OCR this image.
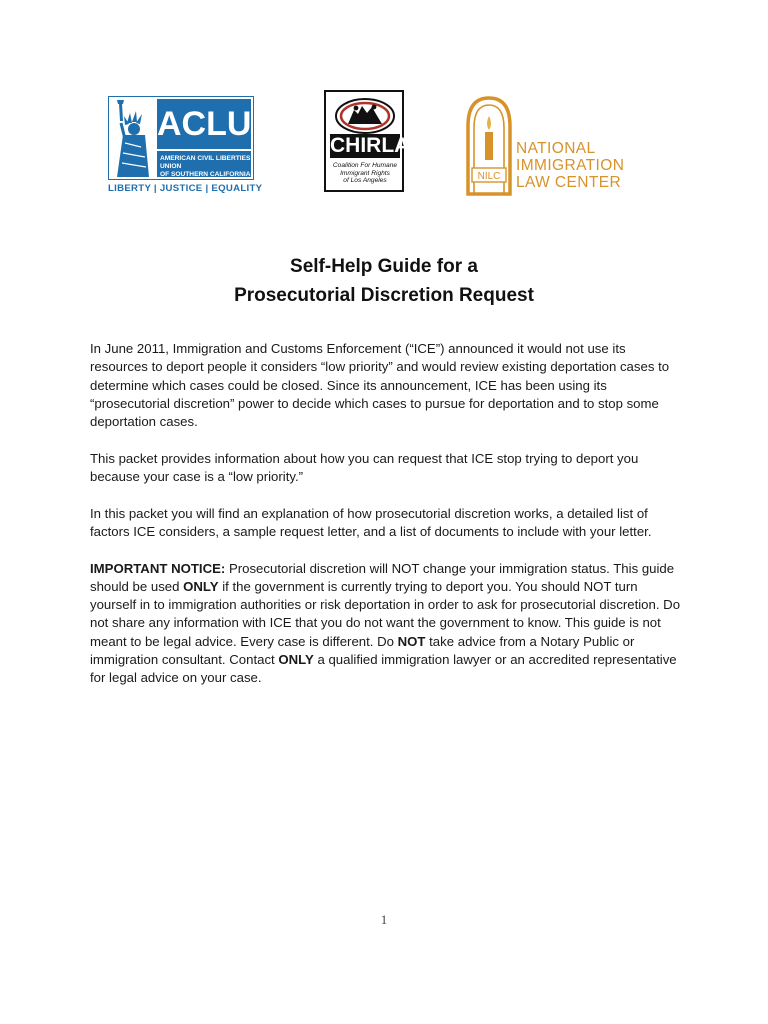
ACLU
AMERICAN CIVIL LIBERTIES UNION
OF SOUTHERN CALIFORNIA
LIBERTY | JUSTICE | EQUALITY
CHIRLA
Coalition For Humane
Immigrant Rights
of Los Angeles	NILC
NATIONAL
IMMIGRATION
LAW CENTER
Self-Help Guide for a
Prosecutorial Discretion Request

In June 2011, Immigration and Customs Enforcement (“ICE”) announced it would not use its resources to deport people it considers “low priority” and would review existing deportation cases to determine which cases could be closed. Since its announcement, ICE has been using its “prosecutorial discretion” power to decide which cases to pursue for deportation and to stop some deportation cases.

This packet provides information about how you can request that ICE stop trying to deport you because your case is a “low priority.”

In this packet you will find an explanation of how prosecutorial discretion works, a detailed list of factors ICE considers, a sample request letter, and a list of documents to include with your letter.

IMPORTANT NOTICE: Prosecutorial discretion will NOT change your immigration status. This guide should be used ONLY if the government is currently trying to deport you. You should NOT turn yourself in to immigration authorities or risk deportation in order to ask for prosecutorial discretion. Do not share any information with ICE that you do not want the government to know. This guide is not meant to be legal advice. Every case is different. Do NOT take advice from a Notary Public or immigration consultant. Contact ONLY a qualified immigration lawyer or an accredited representative for legal advice on your case.

1
